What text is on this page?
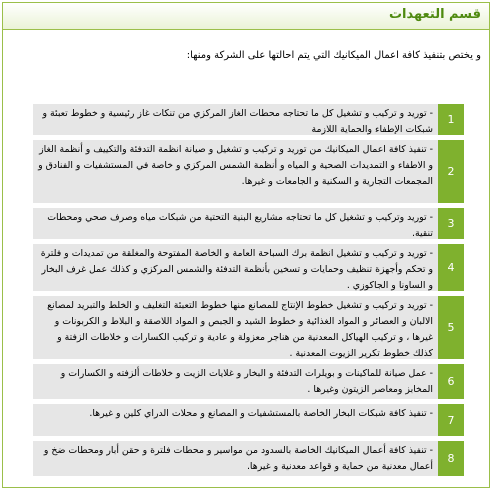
قسم التعهدات
و يختص بتنفيذ كافة اعمال الميكانيك التي يتم احالتها على الشركة ومنها:
1
- توريد و تركيب و تشغيل كل ما تحتاجه محطات الغاز المركزي من تنكات غاز رئيسية و خطوط تعبئة و شبكات الإطفاء والحماية اللازمة
2
- تنفيذ كافة اعمال الميكانيك من توريد و تركيب و تشغيل و صيانة انظمة التدفئة والتكييف و أنظمة الغاز و الاطفاء و التمديدات الصحية و المياه و أنظمة الشمس المركزي و خاصة في المستشفيات و الفنادق و المجمعات التجارية و السكنية و الجامعات و غيرها.
3
- توريد وتركيب و تشغيل كل ما تحتاجه مشاريع البنية التحتية من شبكات مياه وصرف صحي ومحطات تنقية.
4
- توريد و تركيب و تشغيل انظمة برك السباحة العامة و الخاصة المفتوحة والمغلقة من تمديدات و فلترة و تحكم وأجهزة تنظيف وحمايات و تسخين بأنظمة التدفئة والشمس المركزي و كذلك عمل غرف البخار و الساونا و الجاكوزي .
5
- توريد و تركيب و تشغيل خطوط الإنتاج للمصانع منها خطوط التعبئة التغليف و الخلط والتبريد لمصانع الالبان و العصائر و المواد الغذائية و خطوط الشيد و الجبص و المواد اللاصقة و البلاط و الكربونات و غيرها ، و تركيب الهياكل المعدنية من هناجر معزولة و عادية و تركيب الكسارات و خلاطات الزفتة و كذلك خطوط تكرير الزيوت المعدنية .
6
- عمل صيانة للماكينات و بويلرات التدفئة و البخار و غلايات الزيت و خلاطات ألزفته و الكسارات و المخابز ومعاصر الزيتون وغيرها .
7
- تنفيذ كافة شبكات البخار الخاصة بالمستشفيات و المصانع و محلات الدراي كلين و غيرها.
8
- تنفيذ كافة أعمال الميكانيك الخاصة بالسدود من مواسير و محطات فلترة و حقن أبار ومحطات ضخ و أعمال معدنية من حماية و قواعد معدنية و غيرها.
